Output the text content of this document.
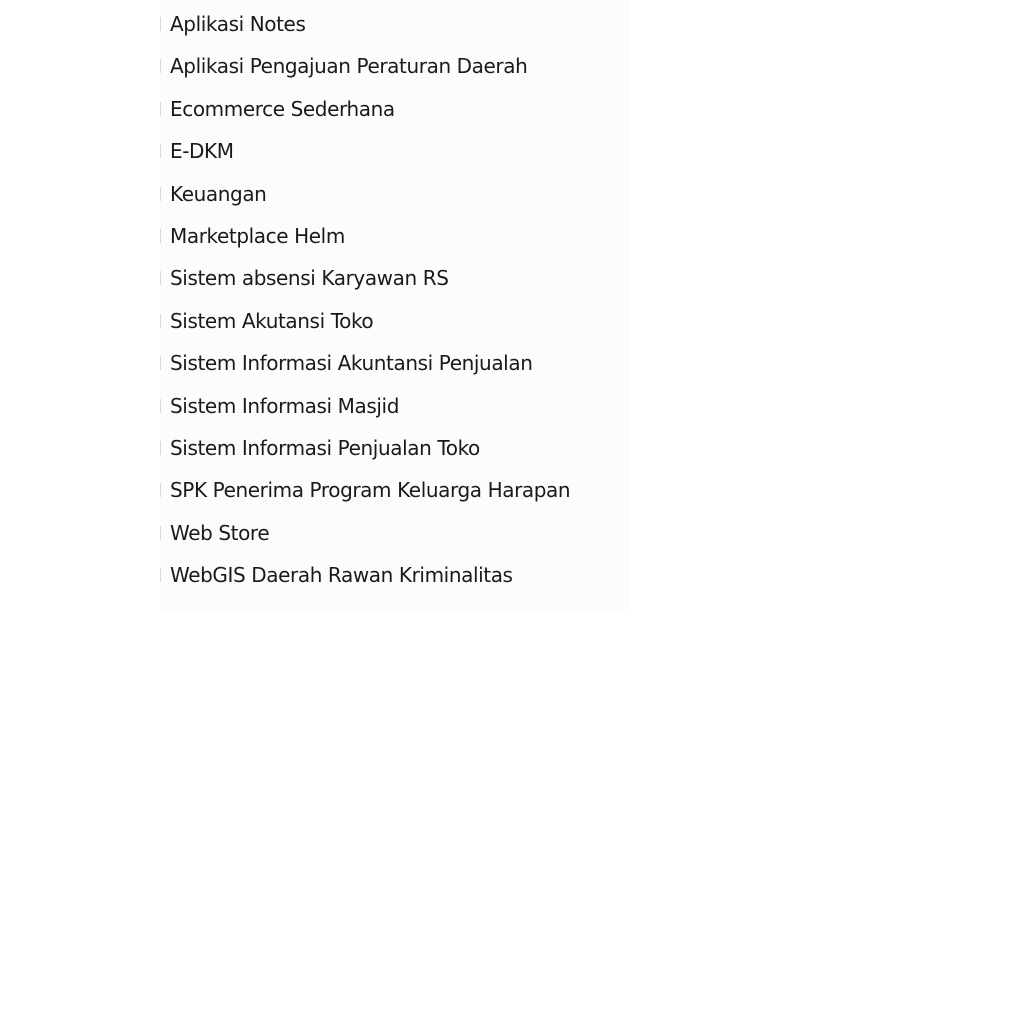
Aplikasi Notes
Aplikasi Pengajuan Peraturan Daerah
Ecommerce Sederhana
E-DKM
Keuangan
Marketplace Helm
Sistem absensi Karyawan RS
Sistem Akutansi Toko
Sistem Informasi Akuntansi Penjualan
Sistem Informasi Masjid
Sistem Informasi Penjualan Toko
SPK Penerima Program Keluarga Harapan
Web Store
WebGIS Daerah Rawan Kriminalitas
